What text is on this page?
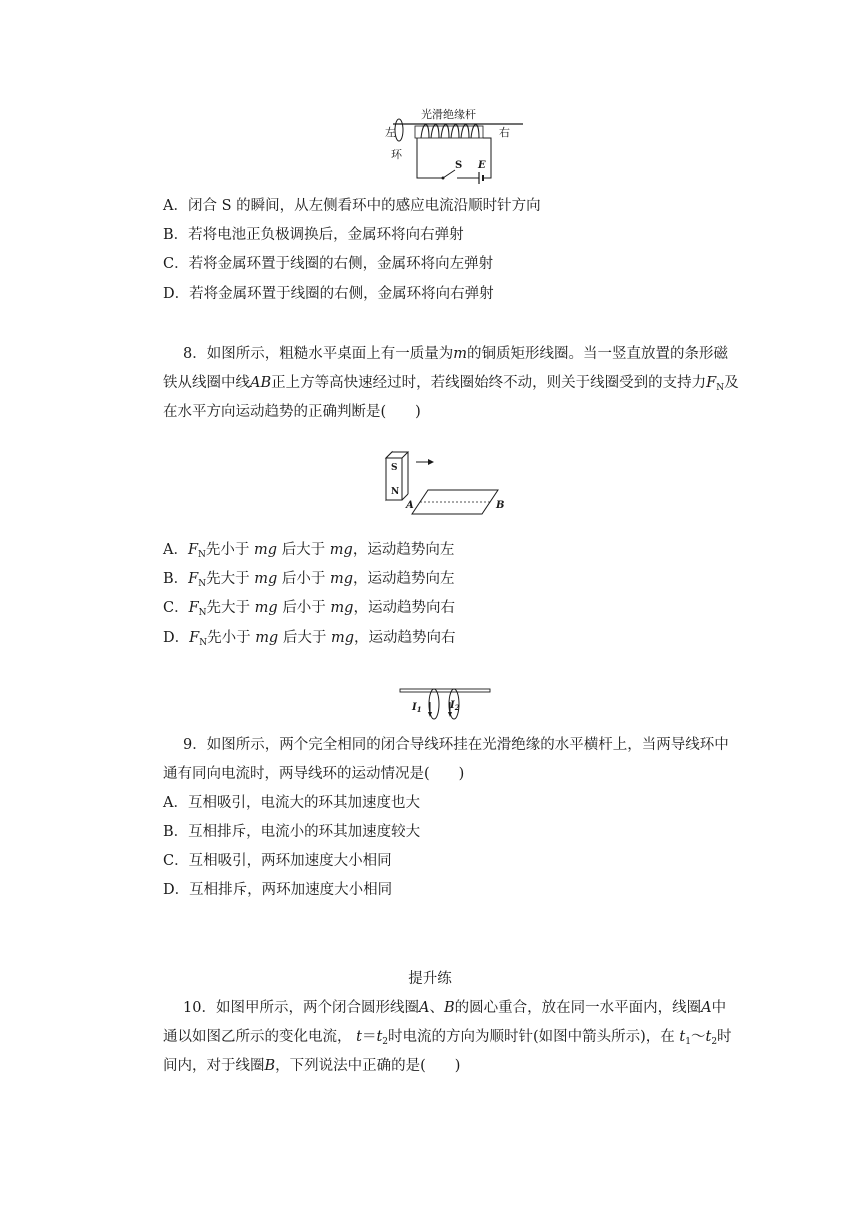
光滑绝缘杆
左
环
右
S E
A．闭合 S 的瞬间，从左侧看环中的感应电流沿顺时针方向
B．若将电池正负极调换后，金属环将向右弹射
C．若将金属环置于线圈的右侧，金属环将向左弹射
D．若将金属环置于线圈的右侧，金属环将向右弹射
8．如图所示，粗糙水平桌面上有一质量为m的铜质矩形线圈。当一竖直放置的条形磁
铁从线圈中线AB正上方等高快速经过时，若线圈始终不动，则关于线圈受到的支持力$F_N$及
在水平方向运动趋势的正确判断是(　　)
S
N
A	B
A．$F_N$先小于 mg 后大于 mg，运动趋势向左
B．$F_N$先大于 mg 后小于 mg，运动趋势向左
C．$F_N$先大于 mg 后小于 mg，运动趋势向右
D．$F_N$先小于 mg 后大于 mg，运动趋势向右
$I_1$	$I_2$
9．如图所示，两个完全相同的闭合导线环挂在光滑绝缘的水平横杆上，当两导线环中
通有同向电流时，两导线环的运动情况是(　　)
A．互相吸引，电流大的环其加速度也大
B．互相排斥，电流小的环其加速度较大
C．互相吸引，两环加速度大小相同
D．互相排斥，两环加速度大小相同
提升练
10．如图甲所示，两个闭合圆形线圈A、B的圆心重合，放在同一水平面内，线圈A中
通以如图乙所示的变化电流， $t=t_2$时电流的方向为顺时针(如图中箭头所示)，在 $t_1\sim t_2$时
间内，对于线圈B，下列说法中正确的是(　　)
